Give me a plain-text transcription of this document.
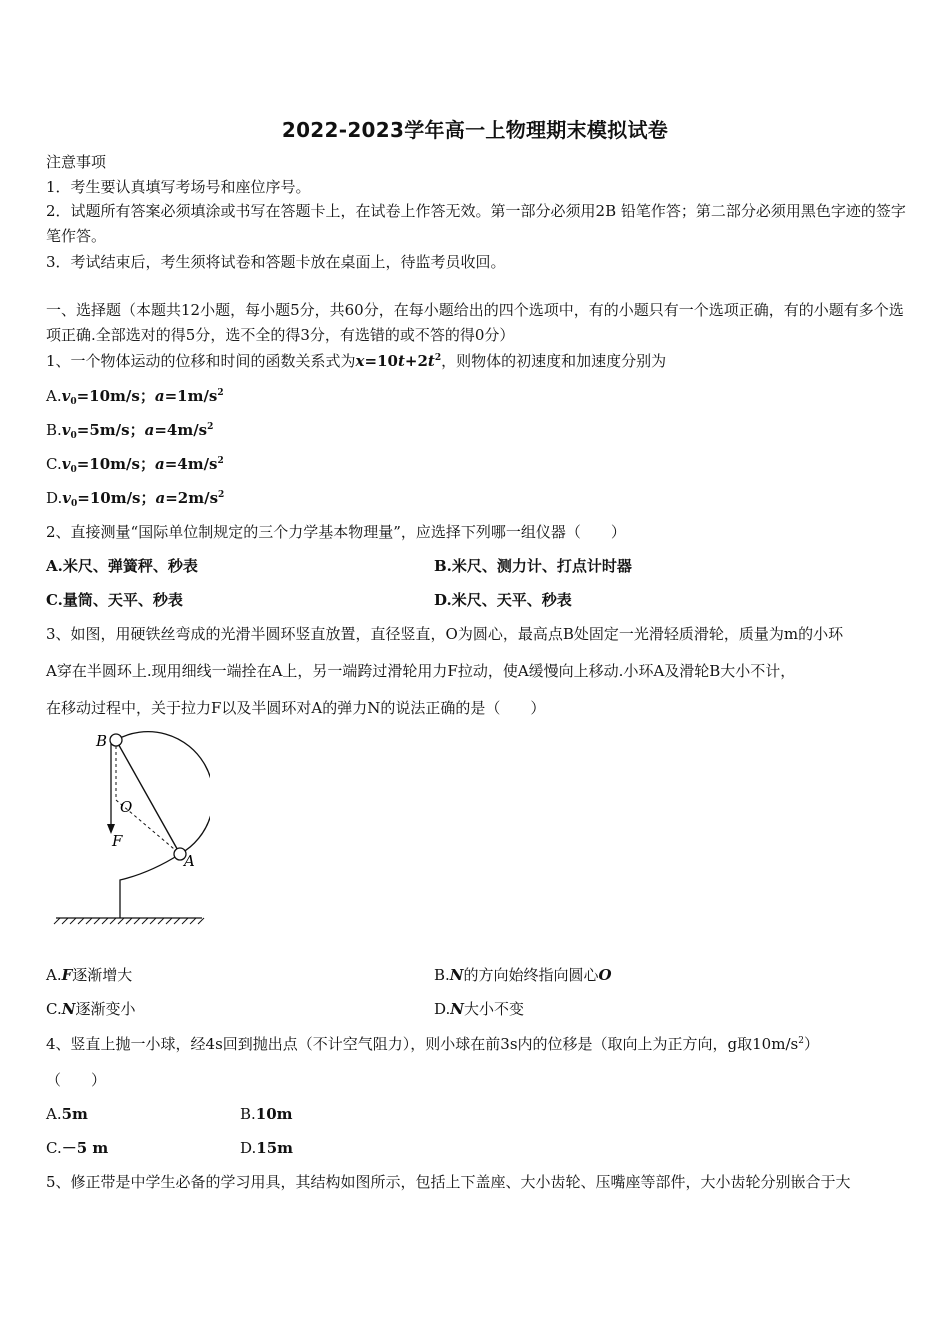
2022-2023学年高一上物理期末模拟试卷
注意事项
1．考生要认真填写考场号和座位序号。
2．试题所有答案必须填涂或书写在答题卡上，在试卷上作答无效。第一部分必须用2B 铅笔作答；第二部分必须用黑色字迹的签字笔作答。
3．考试结束后，考生须将试卷和答题卡放在桌面上，待监考员收回。
一、选择题（本题共12小题，每小题5分，共60分，在每小题给出的四个选项中，有的小题只有一个选项正确，有的小题有多个选项正确.全部选对的得5分，选不全的得3分，有选错的或不答的得0分）
1、一个物体运动的位移和时间的函数关系式为$x=10t+2t^2$，则物体的初速度和加速度分别为
$A.v_0=10m/s$；$a=1m/s^2$
$B.v_0=5m/s$；$a=4m/s^2$
$C.v_0=10m/s$；$a=4m/s^2$
$D.v_0=10m/s$；$a=2m/s^2$
2、直接测量“国际单位制规定的三个力学基本物理量”，应选择下列哪一组仪器（　　）
A.米尺、弹簧秤、秒表	B.米尺、测力计、打点计时器
C.量筒、天平、秒表	D.米尺、天平、秒表
3、如图，用硬铁丝弯成的光滑半圆环竖直放置，直径竖直，O为圆心，最高点B处固定一光滑轻质滑轮，质量为m的小环
A穿在半圆环上.现用细线一端拴在A上，另一端跨过滑轮用力F拉动，使A缓慢向上移动.小环A及滑轮B大小不计，
在移动过程中，关于拉力F以及半圆环对A的弹力N的说法正确的是（　　）
B
O
F
A
A.F逐渐增大	B.N的方向始终指向圆心O
C.N逐渐变小	D.N大小不变
4、竖直上抛一小球，经4s回到抛出点（不计空气阻力），则小球在前3s内的位移是（取向上为正方向，g取$10m/s^2$）
（　　）
A.5m	B.10m
C.－5 m	D.15m
5、修正带是中学生必备的学习用具，其结构如图所示，包括上下盖座、大小齿轮、压嘴座等部件，大小齿轮分别嵌合于大
